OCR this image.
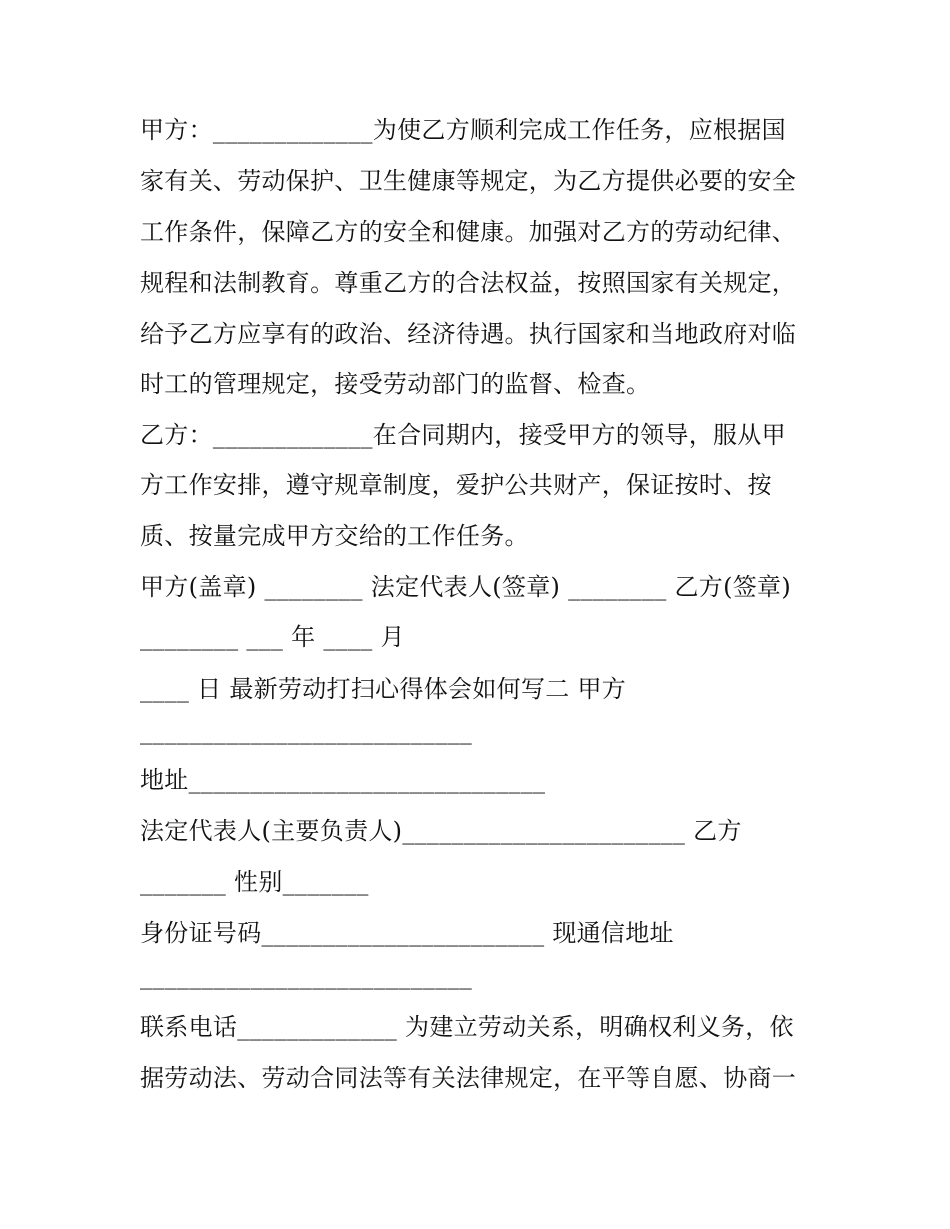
甲方：_____________为使乙方顺利完成工作任务，应根据国
家有关、劳动保护、卫生健康等规定，为乙方提供必要的安全
工作条件，保障乙方的安全和健康。加强对乙方的劳动纪律、
规程和法制教育。尊重乙方的合法权益，按照国家有关规定，
给予乙方应享有的政治、经济待遇。执行国家和当地政府对临
时工的管理规定，接受劳动部门的监督、检查。
乙方：_____________在合同期内，接受甲方的领导，服从甲
方工作安排，遵守规章制度，爱护公共财产，保证按时、按
质、按量完成甲方交给的工作任务。
甲方(盖章) ________ 法定代表人(签章) ________ 乙方(签章)
________ ___ 年 ____ 月
____ 日 最新劳动打扫心得体会如何写二 甲方
___________________________
地址_____________________________
法定代表人(主要负责人)_______________________ 乙方
_______ 性别_______
身份证号码_______________________ 现通信地址
___________________________
联系电话_____________ 为建立劳动关系，明确权利义务，依
据劳动法、劳动合同法等有关法律规定，在平等自愿、协商一
